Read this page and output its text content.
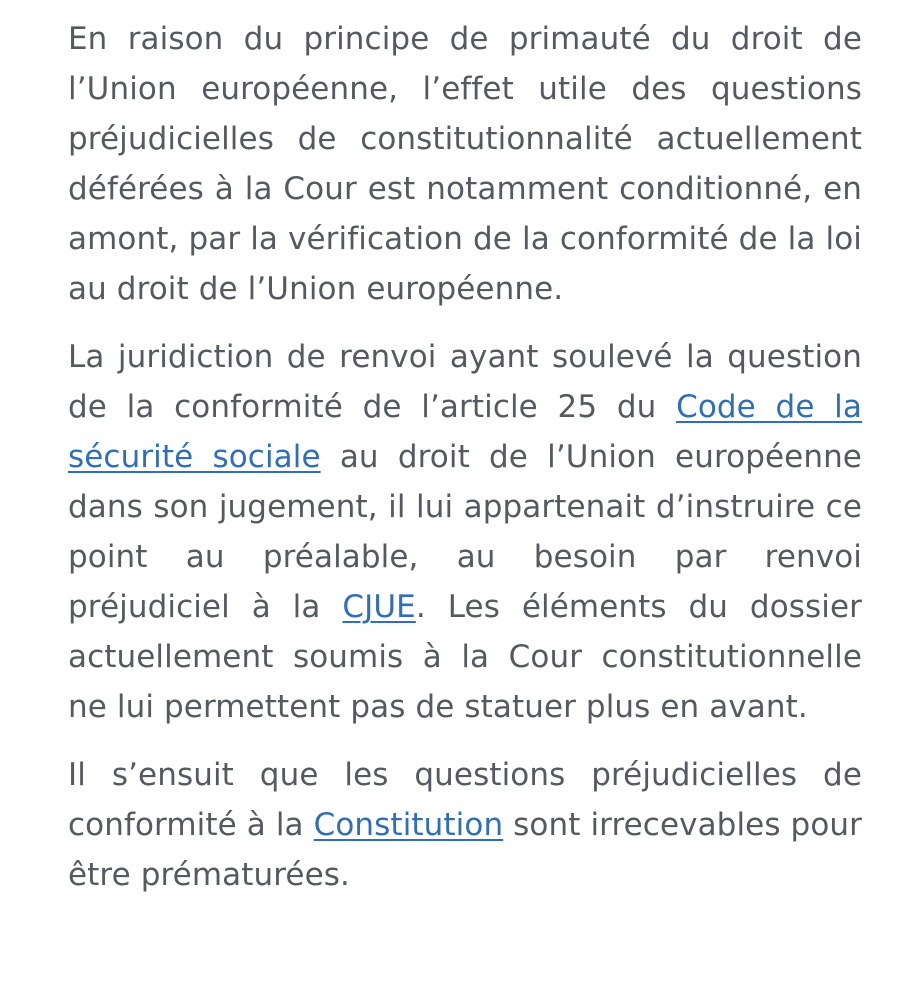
En raison du principe de primauté du droit de l’Union européenne, l’effet utile des questions préjudicielles de constitutionnalité actuellement déférées à la Cour est notamment conditionné, en amont, par la vérification de la conformité de la loi au droit de l’Union européenne.

La juridiction de renvoi ayant soulevé la question de la conformité de l’article 25 du Code de la sécurité sociale au droit de l’Union européenne dans son jugement, il lui appartenait d’instruire ce point au préalable, au besoin par renvoi préjudiciel à la CJUE. Les éléments du dossier actuellement soumis à la Cour constitutionnelle ne lui permettent pas de statuer plus en avant.

Il s’ensuit que les questions préjudicielles de conformité à la Constitution sont irrecevables pour être prématurées.
